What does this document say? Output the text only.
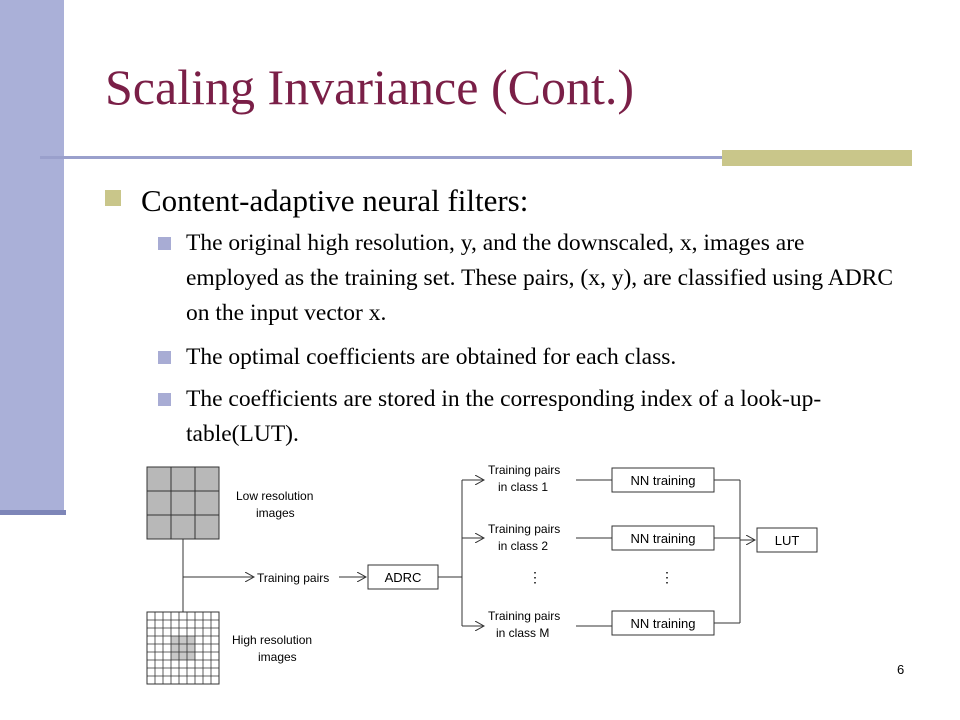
Scaling Invariance (Cont.)
Content-adaptive neural filters:
The original high resolution, y, and the downscaled, x, images are employed as the training set. These pairs, (x, y), are classified using ADRC on the input vector x.
The optimal coefficients are obtained for each class.
The coefficients are stored in the corresponding index of a look-up-table(LUT).
Low resolution
images
High resolution
images
Training pairs	ADRC
Training pairs
in class 1
Training pairs
in class 2
⋮
Training pairs
in class M
NN training
NN training
⋮
NN training
LUT
6
